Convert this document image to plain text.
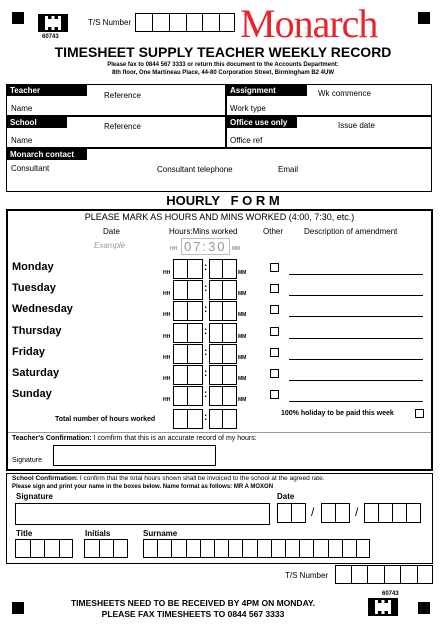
60743
T/S Number	Monarch
TIMESHEET SUPPLY TEACHER WEEKLY RECORD
Please fax to 0844 567 3333 or return this document to the Accounts Department:
8th floor, One Martineau Place, 44-80 Corporation Street, Birmingham B2 4UW
Teacher
Reference
Name
Assignment	Wk commence
Work type
School	Reference
Name
Office use only	Issue date
Office ref
Monarch contact
Consultant	Consultant telephone	Email
HOURLY   F O R M
PLEASE MARK AS HOURS AND MINS WORKED (4:00, 7:30, etc.)
Date	Hours:Mins worked	Other	Description of amendment
Example	HH 07:30	MM
Monday	HH	:	MM
Tuesday	HH	:	MM
Wednesday	HH	:	MM
Thursday	HH	:	MM
Friday	HH	:	MM
Saturday	HH	:	MM
Sunday	HH	:	MM
Total number of hours worked	:	100% holiday to be paid this week
Teacher's Confirmation: I comfirm that this is an accurate record of my hours:
Signature
School Confirmation: I confirm that the total hours shown shall be invoiced to the school at the agreed rate.
Please sign and print your name in the boxes below. Name format as follows: MR A MOXON
Signature	Date
/	/
Title	Initials	Surname
T/S Number
60743
TIMESHEETS NEED TO BE RECEIVED BY 4PM ON MONDAY.
PLEASE FAX TIMESHEETS TO 0844 567 3333
